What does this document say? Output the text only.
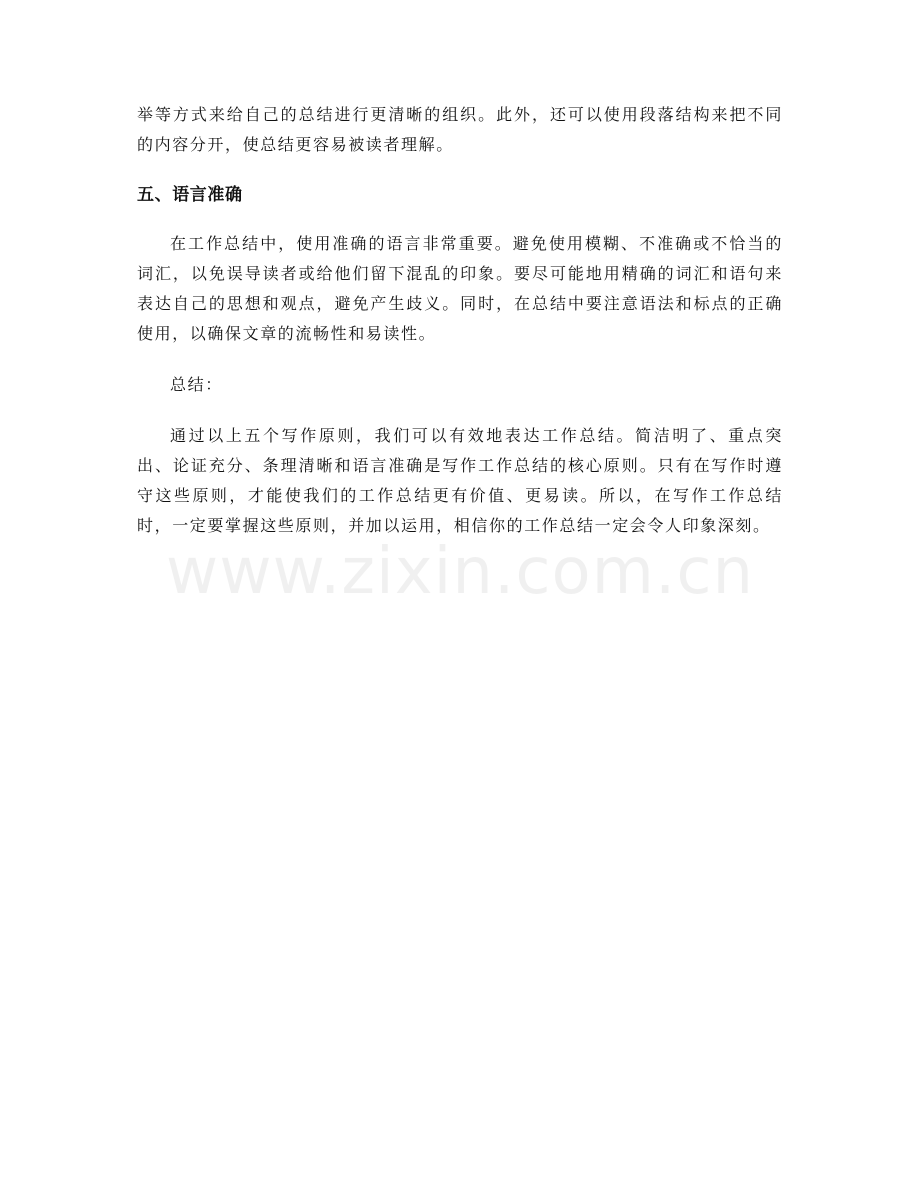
举等方式来给自己的总结进行更清晰的组织。此外，还可以使用段落结构来把不同的内容分开，使总结更容易被读者理解。

五、语言准确

在工作总结中，使用准确的语言非常重要。避免使用模糊、不准确或不恰当的词汇，以免误导读者或给他们留下混乱的印象。要尽可能地用精确的词汇和语句来表达自己的思想和观点，避免产生歧义。同时，在总结中要注意语法和标点的正确使用，以确保文章的流畅性和易读性。

总结：

通过以上五个写作原则，我们可以有效地表达工作总结。简洁明了、重点突出、论证充分、条理清晰和语言准确是写作工作总结的核心原则。只有在写作时遵守这些原则，才能使我们的工作总结更有价值、更易读。所以，在写作工作总结时，一定要掌握这些原则，并加以运用，相信你的工作总结一定会令人印象深刻。

www.zixin.com.cn
